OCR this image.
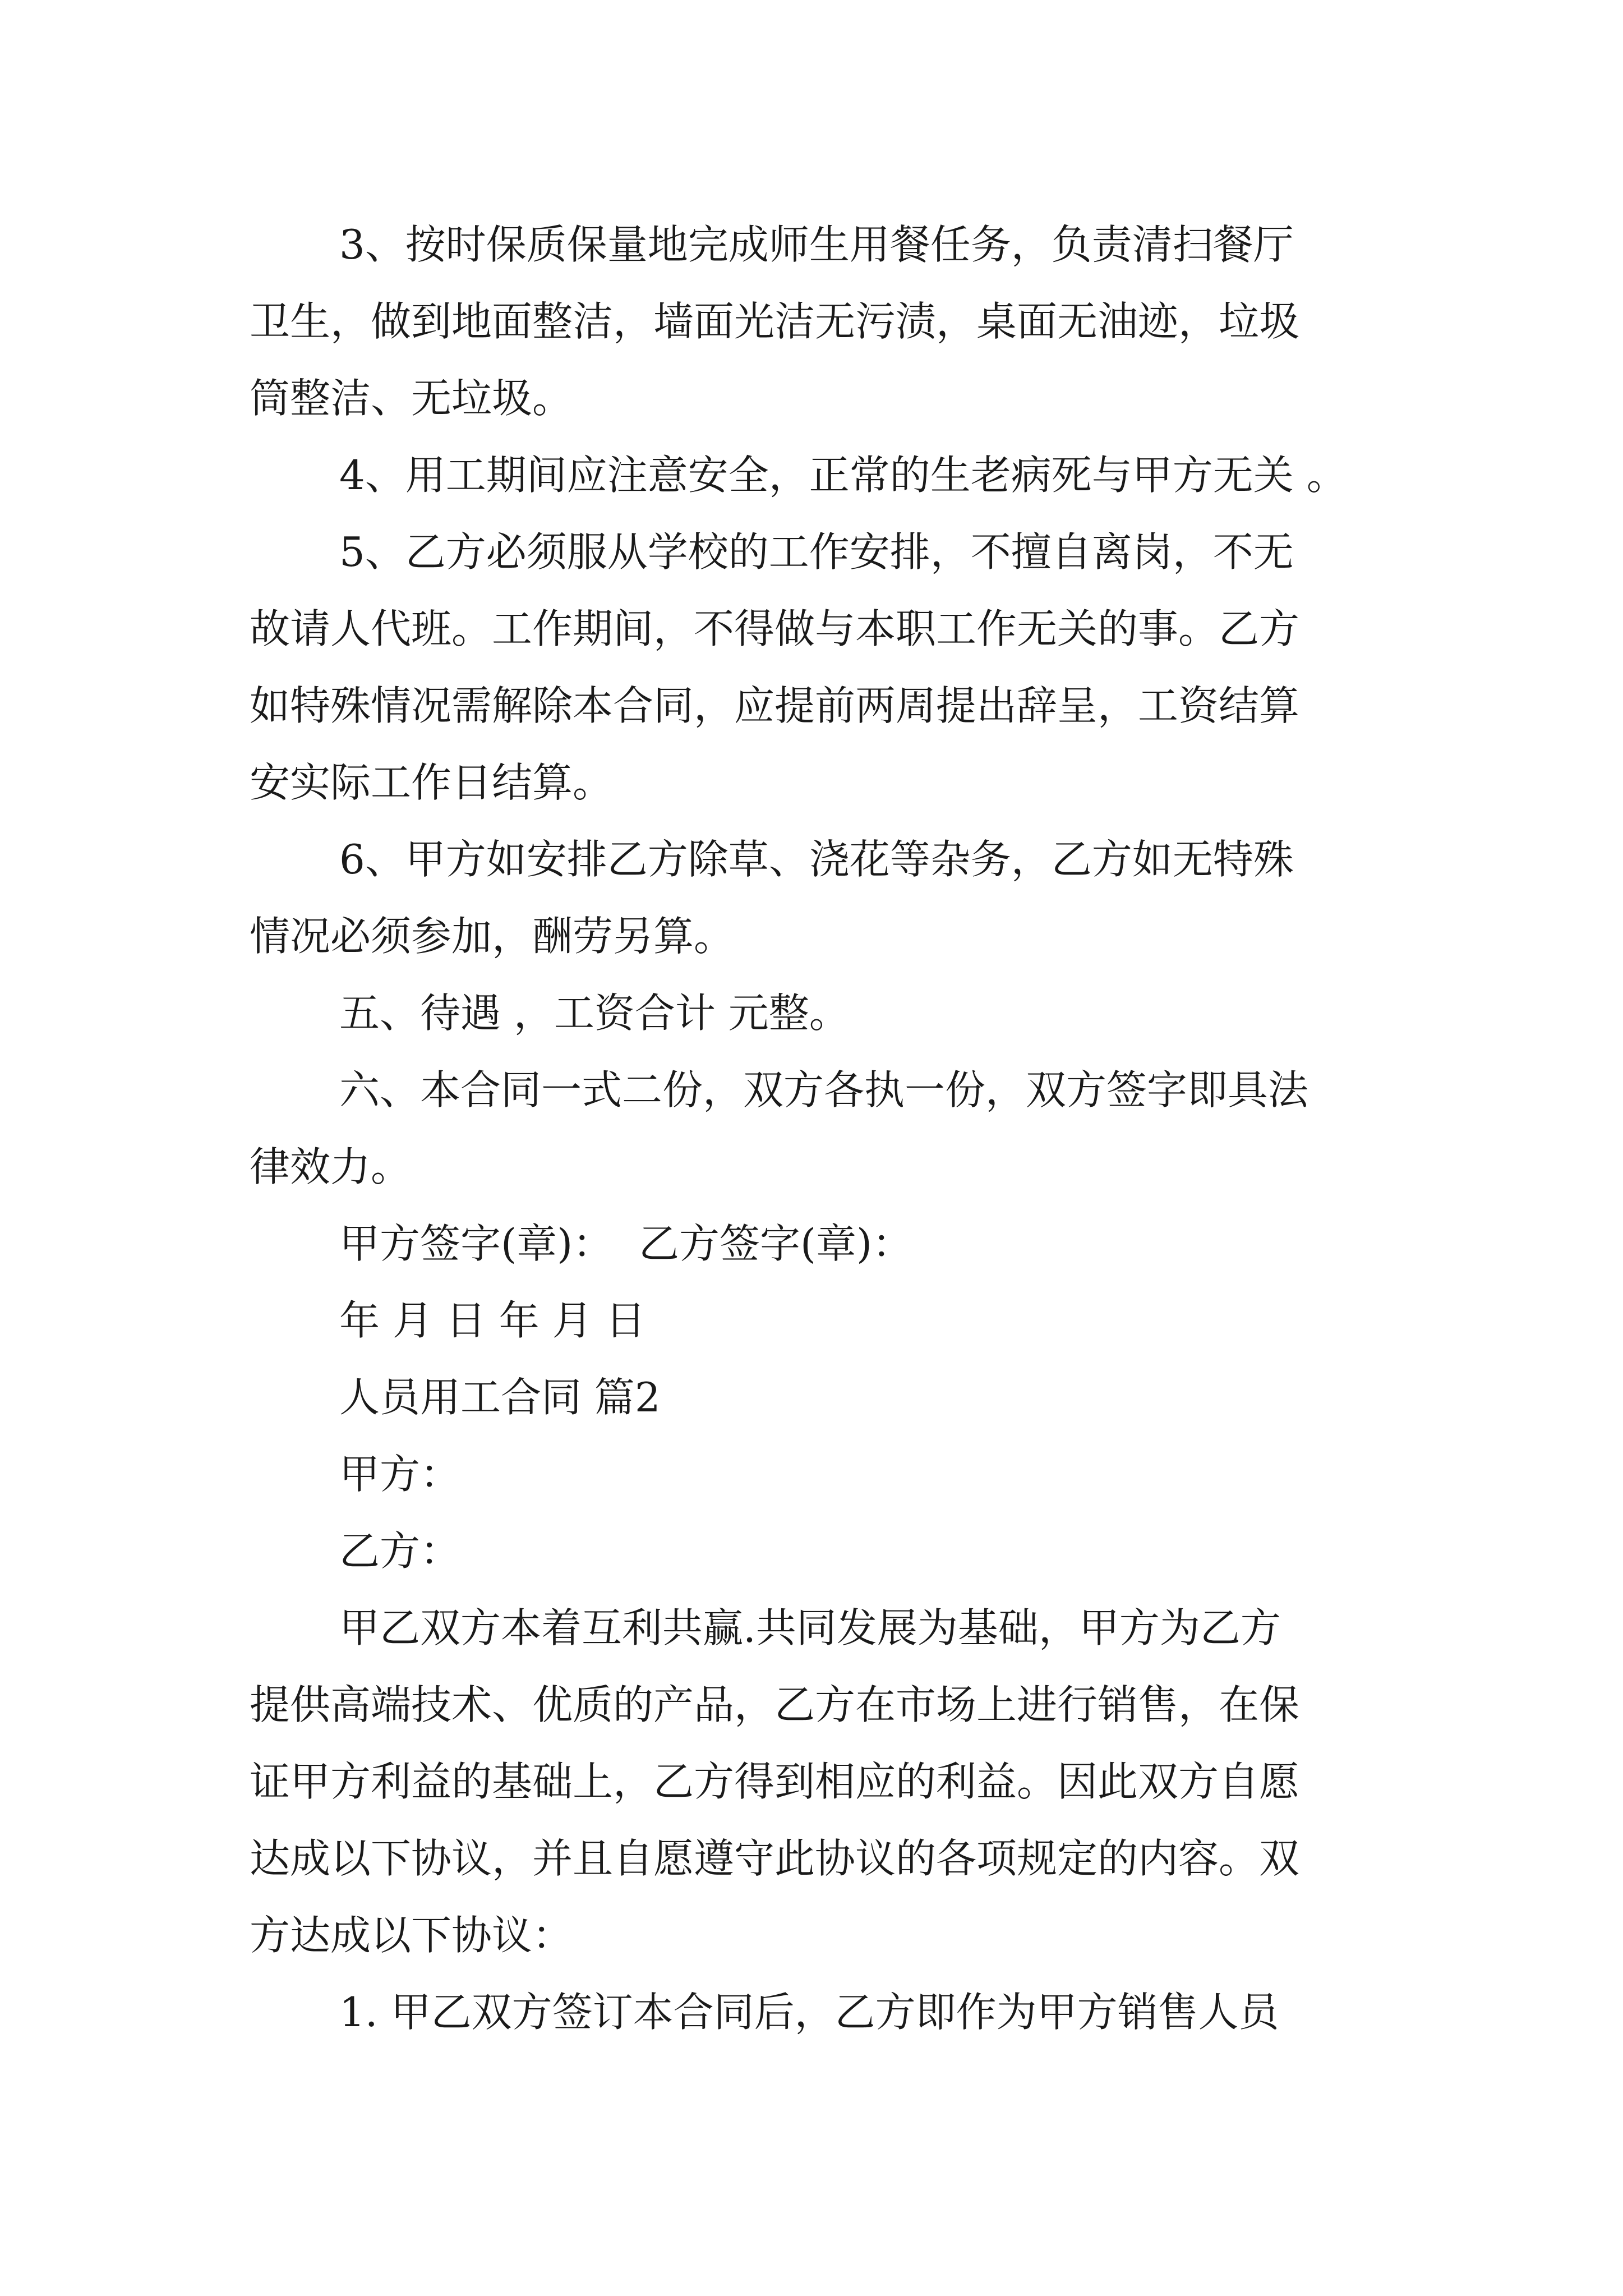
3、按时保质保量地完成师生用餐任务，负责清扫餐厅
卫生，做到地面整洁，墙面光洁无污渍，桌面无油迹，垃圾
筒整洁、无垃圾。

4、用工期间应注意安全，正常的生老病死与甲方无关 。

5、乙方必须服从学校的工作安排，不擅自离岗，不无
故请人代班。工作期间，不得做与本职工作无关的事。乙方
如特殊情况需解除本合同，应提前两周提出辞呈，工资结算
安实际工作日结算。

6、甲方如安排乙方除草、浇花等杂务，乙方如无特殊
情况必须参加，酬劳另算。

五、待遇 ，工资合计 元整。

六、本合同一式二份，双方各执一份，双方签字即具法
律效力。

甲方签字(章)：  乙方签字(章)：

年 月 日 年 月 日

人员用工合同 篇2

甲方：

乙方：

甲乙双方本着互利共赢.共同发展为基础，甲方为乙方
提供高端技术、优质的产品，乙方在市场上进行销售，在保
证甲方利益的基础上，乙方得到相应的利益。因此双方自愿
达成以下协议，并且自愿遵守此协议的各项规定的内容。双
方达成以下协议：

1. 甲乙双方签订本合同后，乙方即作为甲方销售人员
